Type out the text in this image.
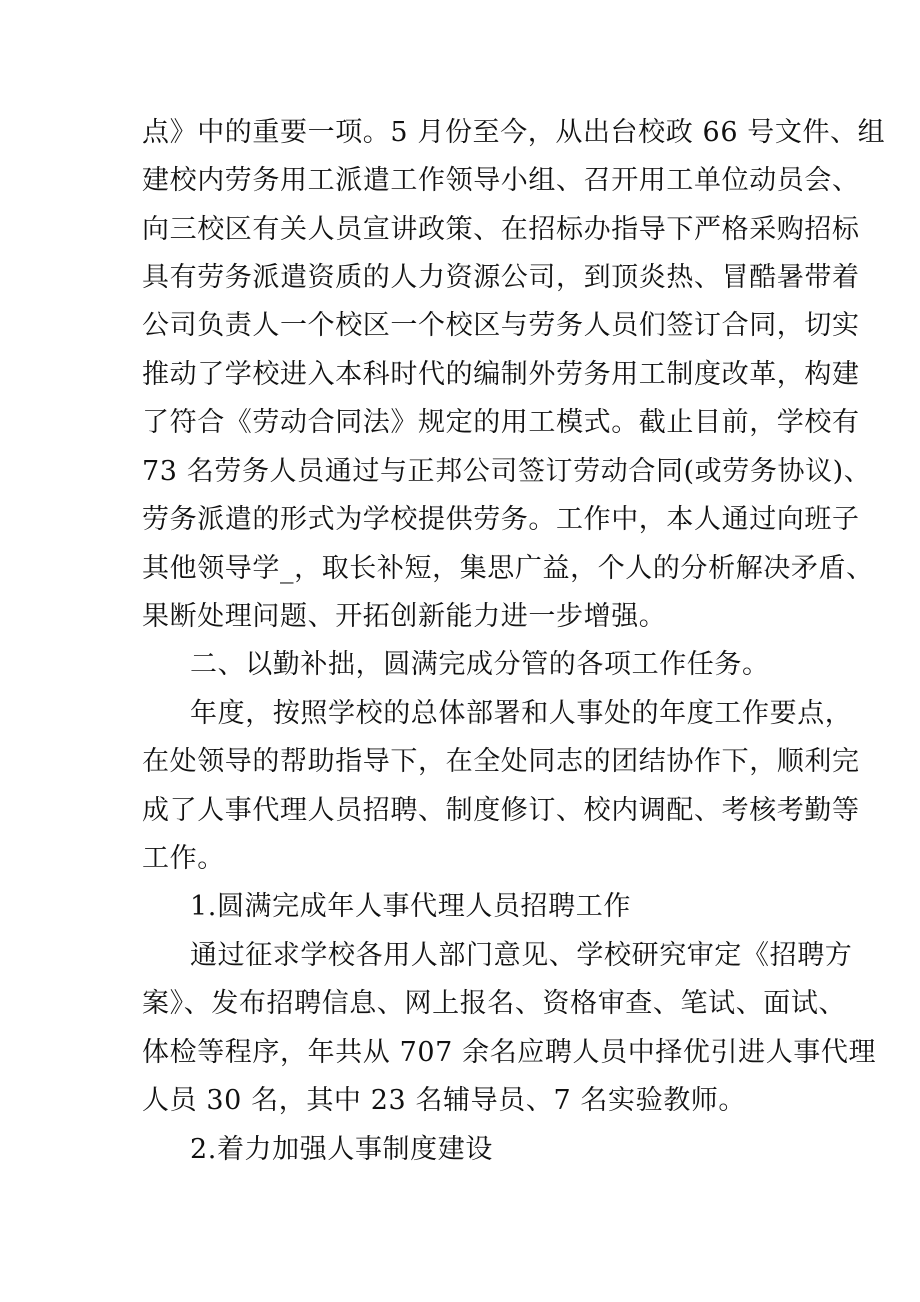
点》中的重要一项。5 月份至今，从出台校政 66 号文件、组
建校内劳务用工派遣工作领导小组、召开用工单位动员会、
向三校区有关人员宣讲政策、在招标办指导下严格采购招标
具有劳务派遣资质的人力资源公司，到顶炎热、冒酷暑带着
公司负责人一个校区一个校区与劳务人员们签订合同，切实
推动了学校进入本科时代的编制外劳务用工制度改革，构建
了符合《劳动合同法》规定的用工模式。截止目前，学校有
73 名劳务人员通过与正邦公司签订劳动合同(或劳务协议)、
劳务派遣的形式为学校提供劳务。工作中，本人通过向班子
其他领导学_，取长补短，集思广益，个人的分析解决矛盾、
果断处理问题、开拓创新能力进一步增强。
二、以勤补拙，圆满完成分管的各项工作任务。
年度，按照学校的总体部署和人事处的年度工作要点，
在处领导的帮助指导下，在全处同志的团结协作下，顺利完
成了人事代理人员招聘、制度修订、校内调配、考核考勤等
工作。
1.圆满完成年人事代理人员招聘工作
通过征求学校各用人部门意见、学校研究审定《招聘方
案》、发布招聘信息、网上报名、资格审查、笔试、面试、
体检等程序，年共从 707 余名应聘人员中择优引进人事代理
人员 30 名，其中 23 名辅导员、7 名实验教师。
2.着力加强人事制度建设
